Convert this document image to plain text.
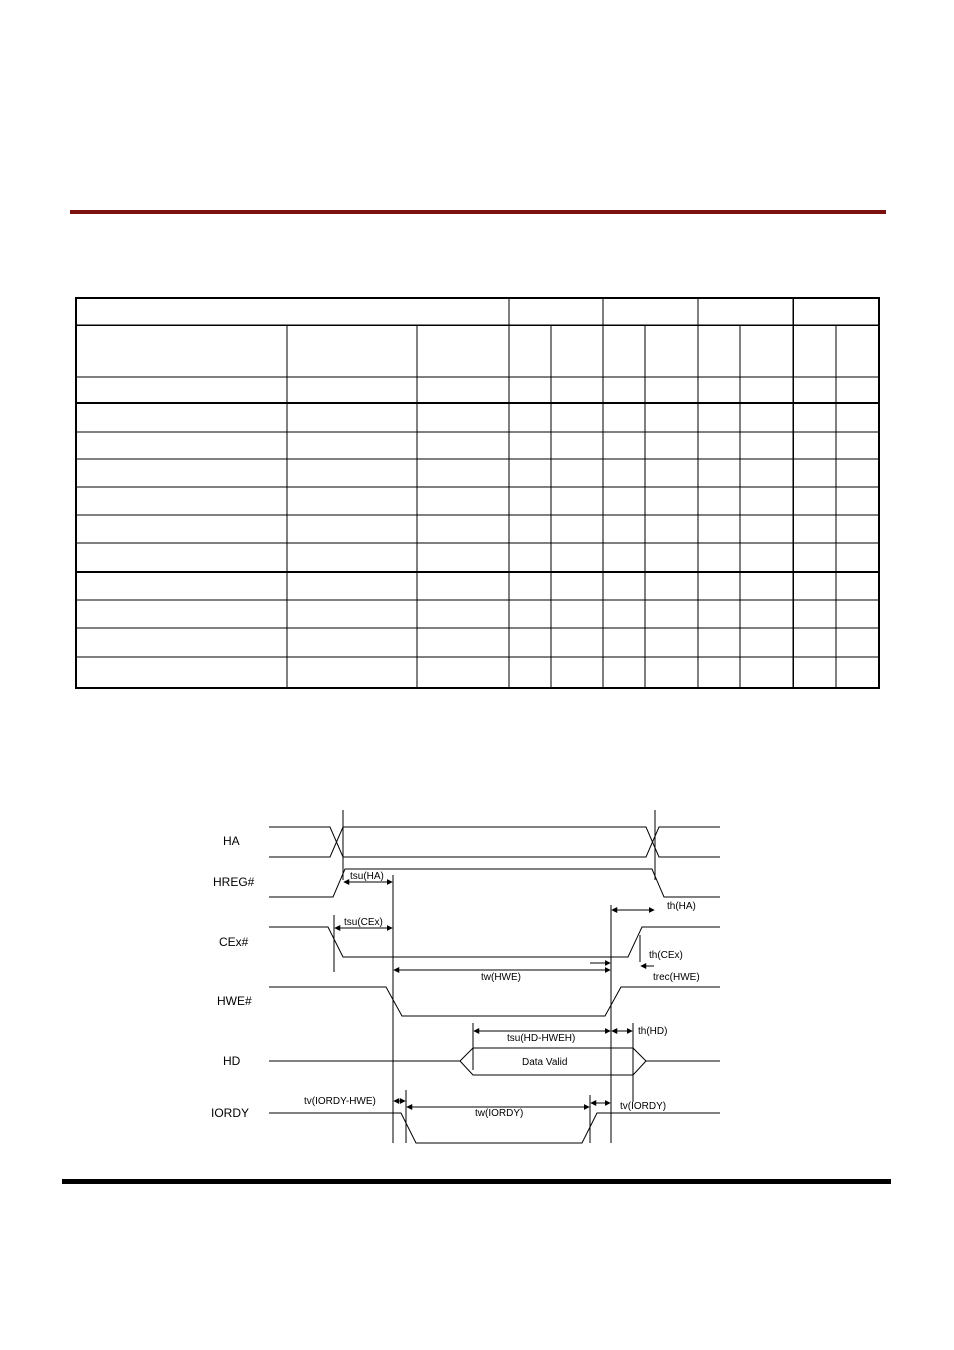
HA
HREG#
CEx#
HWE#
HD
IORDY
tsu(HA)
th(HA)
tsu(CEx)
th(CEx)
tw(HWE)	trec(HWE)
tsu(HD-HWEH)
th(HD)
Data Valid
tv(IORDY-HWE)
tw(IORDY)
tv(IORDY)
